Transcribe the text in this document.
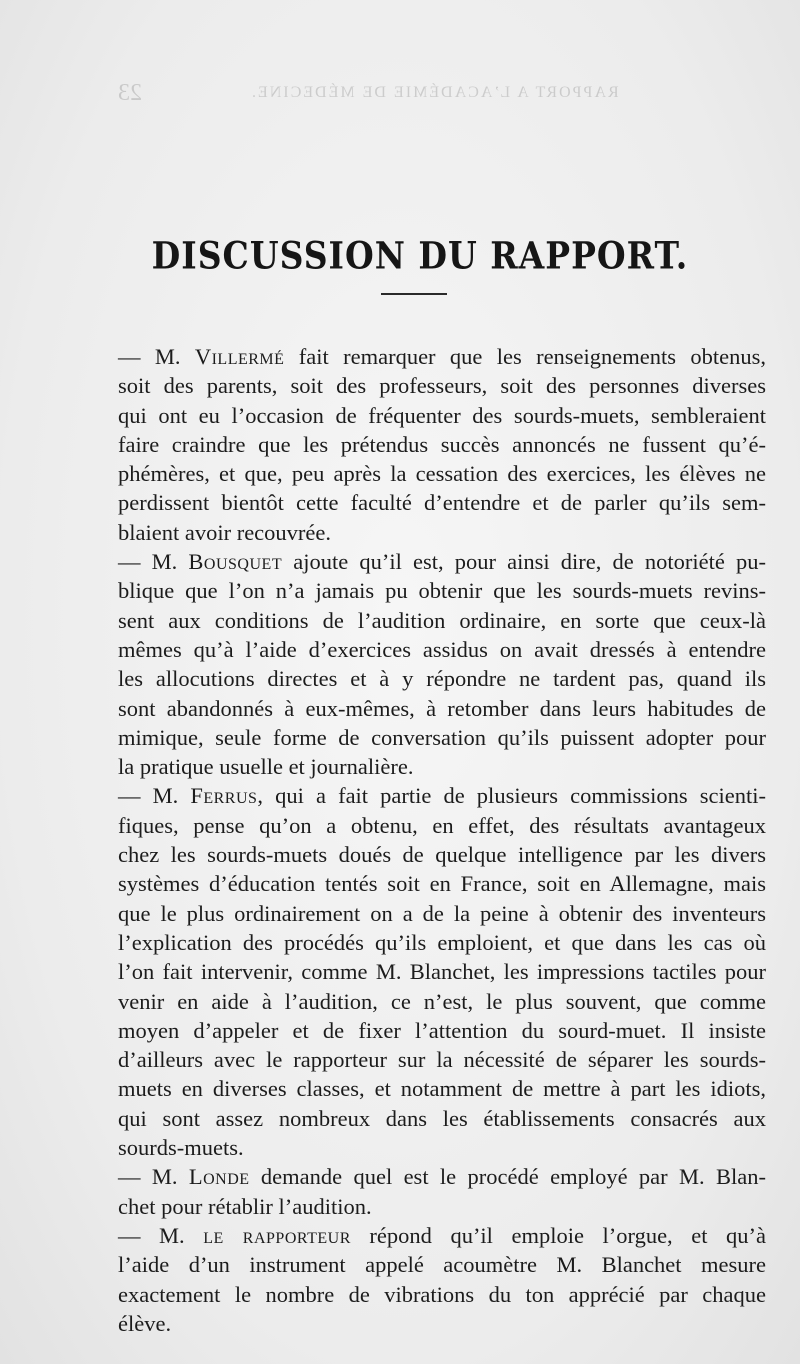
23	RAPPORT A L’ACADÉMIE DE MÉDECINE.
DISCUSSION DU RAPPORT.

— M. Villermé fait remarquer que les renseignements obtenus,
soit des parents, soit des professeurs, soit des personnes diverses
qui ont eu l’occasion de fréquenter des sourds-muets, sembleraient
faire craindre que les prétendus succès annoncés ne fussent qu’é-
phémères, et que, peu après la cessation des exercices, les élèves ne
perdissent bientôt cette faculté d’entendre et de parler qu’ils sem-
blaient avoir recouvrée.

— M. Bousquet ajoute qu’il est, pour ainsi dire, de notoriété pu-
blique que l’on n’a jamais pu obtenir que les sourds-muets revins-
sent aux conditions de l’audition ordinaire, en sorte que ceux-là
mêmes qu’à l’aide d’exercices assidus on avait dressés à entendre
les allocutions directes et à y répondre ne tardent pas, quand ils
sont abandonnés à eux-mêmes, à retomber dans leurs habitudes de
mimique, seule forme de conversation qu’ils puissent adopter pour
la pratique usuelle et journalière.

— M. Ferrus, qui a fait partie de plusieurs commissions scienti-
fiques, pense qu’on a obtenu, en effet, des résultats avantageux
chez les sourds-muets doués de quelque intelligence par les divers
systèmes d’éducation tentés soit en France, soit en Allemagne, mais
que le plus ordinairement on a de la peine à obtenir des inventeurs
l’explication des procédés qu’ils emploient, et que dans les cas où
l’on fait intervenir, comme M. Blanchet, les impressions tactiles pour
venir en aide à l’audition, ce n’est, le plus souvent, que comme
moyen d’appeler et de fixer l’attention du sourd-muet. Il insiste
d’ailleurs avec le rapporteur sur la nécessité de séparer les sourds-
muets en diverses classes, et notamment de mettre à part les idiots,
qui sont assez nombreux dans les établissements consacrés aux
sourds-muets.

— M. Londe demande quel est le procédé employé par M. Blan-
chet pour rétablir l’audition.

— M. le rapporteur répond qu’il emploie l’orgue, et qu’à
l’aide d’un instrument appelé acoumètre M. Blanchet mesure
exactement le nombre de vibrations du ton apprécié par chaque
élève.
